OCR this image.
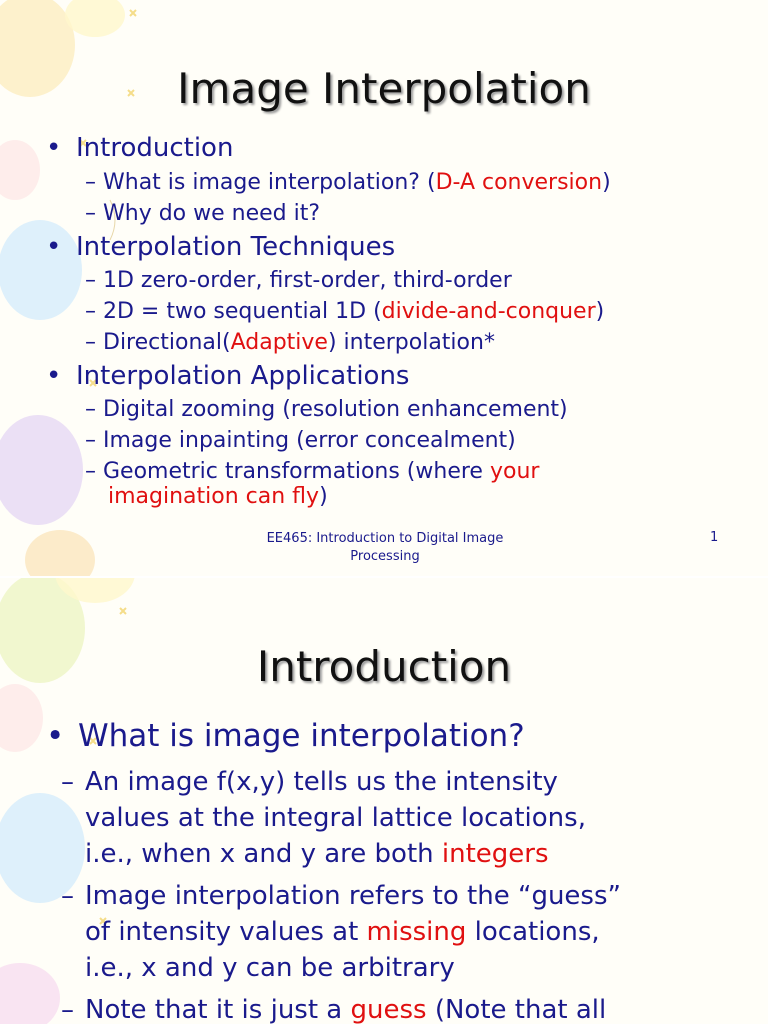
Image Interpolation
• Introduction
– What is image interpolation? (D-A conversion)
– Why do we need it?
• Interpolation Techniques
– 1D zero-order, first-order, third-order
– 2D = two sequential 1D (divide-and-conquer)
– Directional(Adaptive) interpolation*
• Interpolation Applications
– Digital zooming (resolution enhancement)
– Image inpainting (error concealment)
– Geometric transformations (where your
imagination can fly)
EE465: Introduction to Digital Image Processing
1
Introduction
• What is image interpolation?
– An image f(x,y) tells us the intensity
values at the integral lattice locations,
i.e., when x and y are both integers
– Image interpolation refers to the “guess”
of intensity values at missing locations,
i.e., x and y can be arbitrary
– Note that it is just a guess (Note that all
